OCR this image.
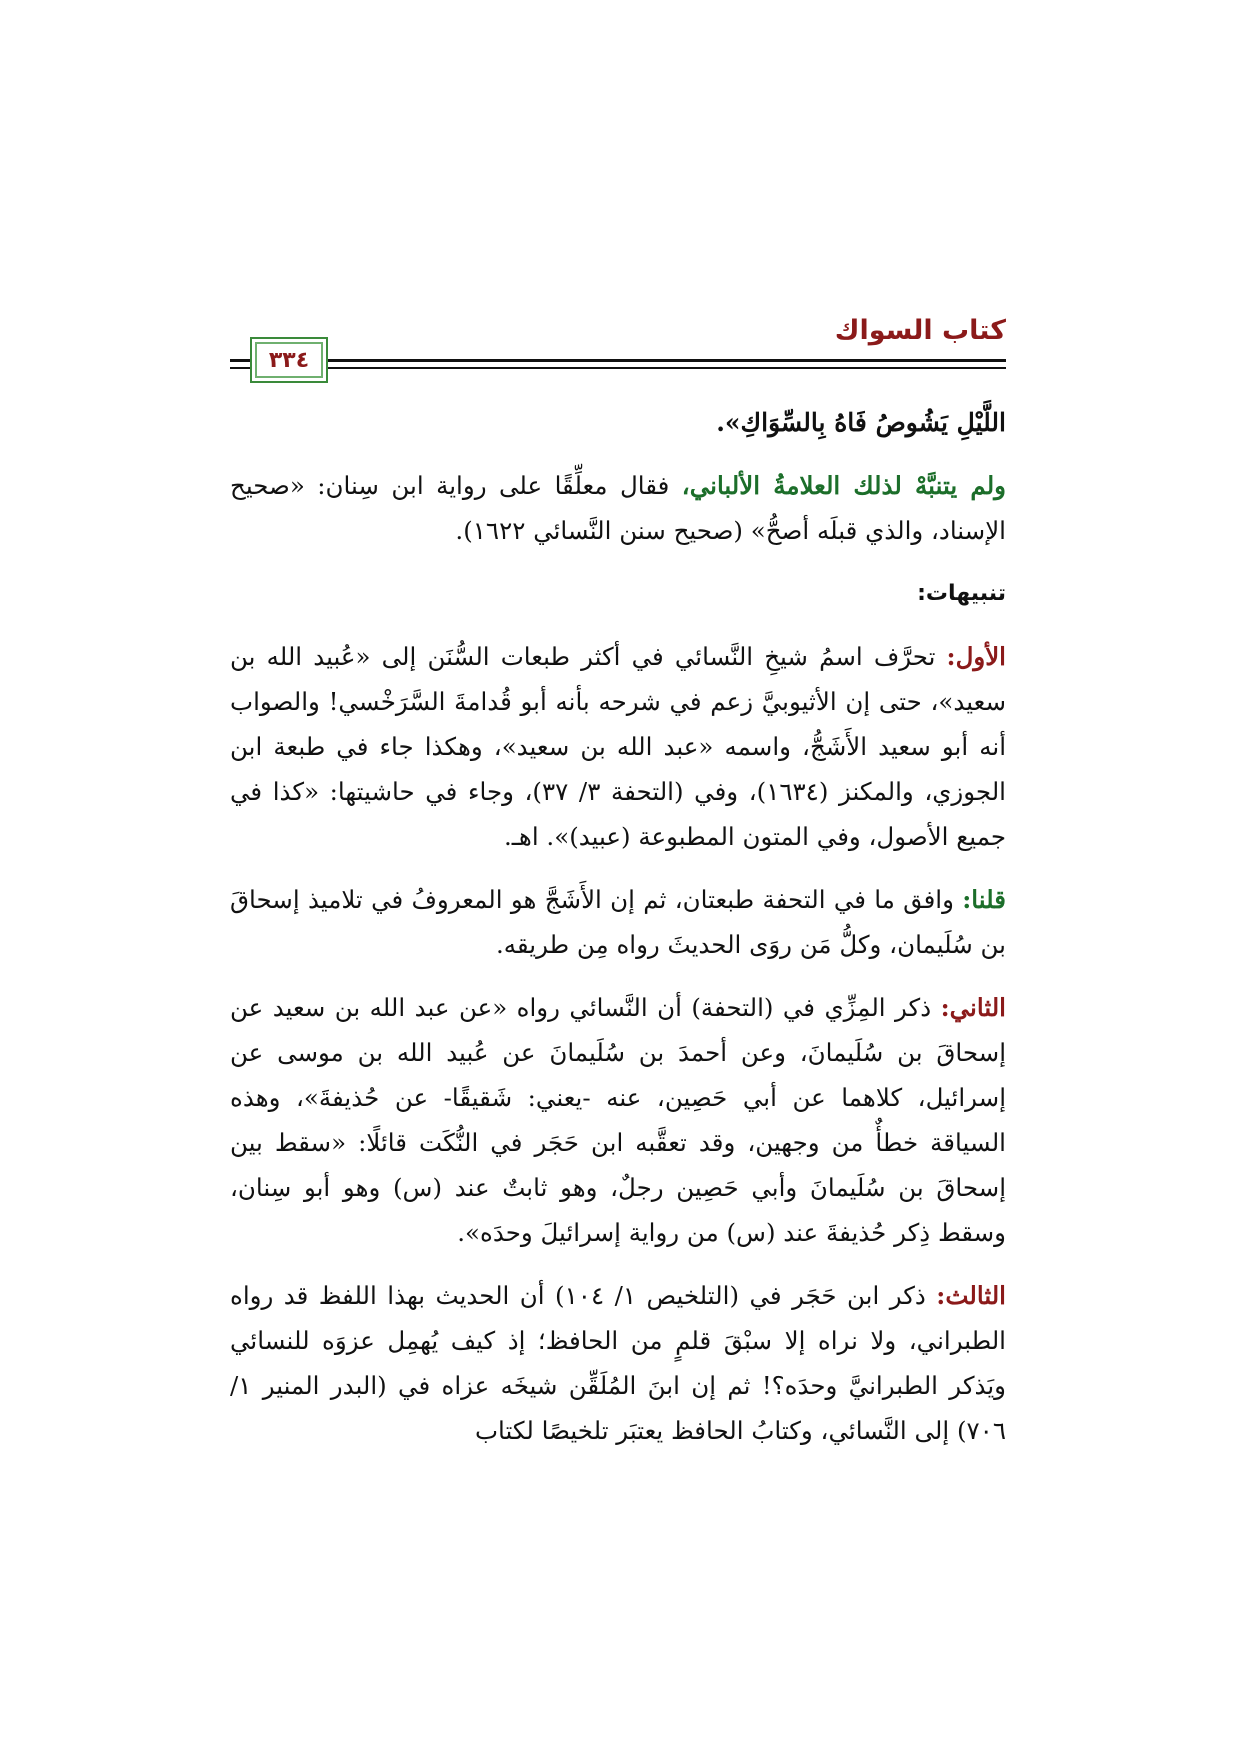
كتاب السواك
٣٣٤

اللَّيْلِ يَشُوصُ فَاهُ بِالسِّوَاكِ».

ولم يتنبَّهْ لذلك العلامةُ الألباني، فقال معلِّقًا على رواية ابن سِنان: «صحيح الإسناد، والذي قبلَه أصحُّ» (صحيح سنن النَّسائي ١٦٢٢).

تنبيهات:

الأول: تحرَّف اسمُ شيخِ النَّسائي في أكثر طبعات السُّنَن إلى «عُبيد الله بن سعيد»، حتى إن الأثيوبيَّ زعم في شرحه بأنه أبو قُدامةَ السَّرَخْسي! والصواب أنه أبو سعيد الأَشَجُّ، واسمه «عبد الله بن سعيد»، وهكذا جاء في طبعة ابن الجوزي، والمكنز (١٦٣٤)، وفي (التحفة ٣/ ٣٧)، وجاء في حاشيتها: «كذا في جميع الأصول، وفي المتون المطبوعة (عبيد)». اهـ.

قلنا: وافق ما في التحفة طبعتان، ثم إن الأَشَجَّ هو المعروفُ في تلاميذ إسحاقَ بن سُلَيمان، وكلُّ مَن روَى الحديثَ رواه مِن طريقه.

الثاني: ذكر المِزِّي في (التحفة) أن النَّسائي رواه «عن عبد الله بن سعيد عن إسحاقَ بن سُلَيمانَ، وعن أحمدَ بن سُلَيمانَ عن عُبيد الله بن موسى عن إسرائيل، كلاهما عن أبي حَصِين، عنه -يعني: شَقيقًا- عن حُذيفةَ»، وهذه السياقة خطأٌ من وجهين، وقد تعقَّبه ابن حَجَر في النُّكَت قائلًا: «سقط بين إسحاقَ بن سُلَيمانَ وأبي حَصِين رجلٌ، وهو ثابتٌ عند (س) وهو أبو سِنان، وسقط ذِكر حُذيفةَ عند (س) من رواية إسرائيلَ وحدَه».

الثالث: ذكر ابن حَجَر في (التلخيص ١/ ١٠٤) أن الحديث بهذا اللفظ قد رواه الطبراني، ولا نراه إلا سبْقَ قلمٍ من الحافظ؛ إذ كيف يُهمِل عزوَه للنسائي ويَذكر الطبرانيَّ وحدَه؟! ثم إن ابنَ المُلَقِّن شيخَه عزاه في (البدر المنير ١/ ٧٠٦) إلى النَّسائي، وكتابُ الحافظ يعتبَر تلخيصًا لكتاب
